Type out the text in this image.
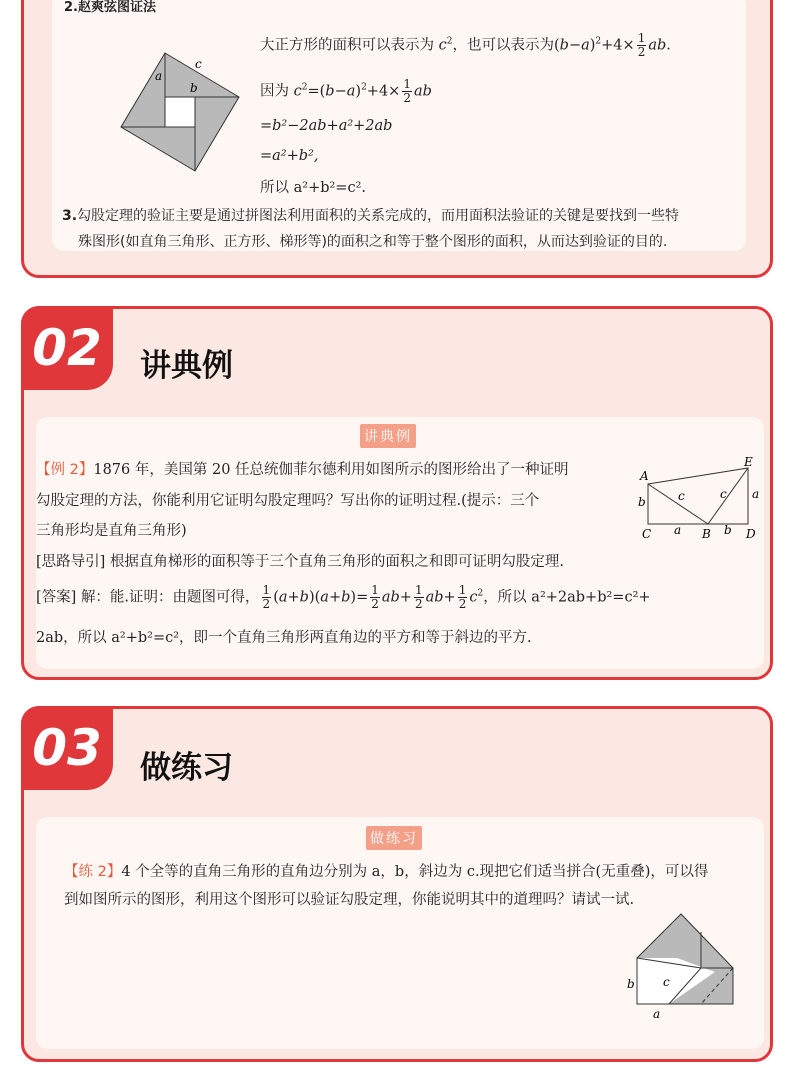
2.赵爽弦图证法
a
c
b
大正方形的面积可以表示为 $c^2$，也可以表示为$(b-a)^2+4\times \frac{1}{2}$ ab.
因为 $c^2=(b-a)^2+4\times \frac{1}{2}$ ab
=b²−2ab+a²+2ab
=a²+b²,
所以 a²+b²=c².
3.勾股定理的验证主要是通过拼图法利用面积的关系完成的，而用面积法验证的关键是要找到一些特
殊图形(如直角三角形、正方形、梯形等)的面积之和等于整个图形的面积，从而达到验证的目的.
02	讲典例
讲典例
【例 2】1876 年，美国第 20 任总统伽菲尔德利用如图所示的图形给出了一种证明
勾股定理的方法，你能利用它证明勾股定理吗？写出你的证明过程.(提示：三个
三角形均是直角三角形)
A
E
b	c	c a
C a B b D
[思路导引] 根据直角梯形的面积等于三个直角三角形的面积之和即可证明勾股定理.
[答案] 解：能.证明：由题图可得， $\frac{1}{2} (a+b)(a+b)= \frac{1}{2} ab+ \frac{1}{2} ab+ \frac{1}{2} c^2$，所以 a²+2ab+b²=c²+
2ab，所以 a²+b²=c²，即一个直角三角形两直角边的平方和等于斜边的平方.
03	做练习
做练习
【练 2】4 个全等的直角三角形的直角边分别为 a，b，斜边为 c.现把它们适当拼合(无重叠)，可以得
到如图所示的图形，利用这个图形可以验证勾股定理，你能说明其中的道理吗？请试一试.
b c
a
